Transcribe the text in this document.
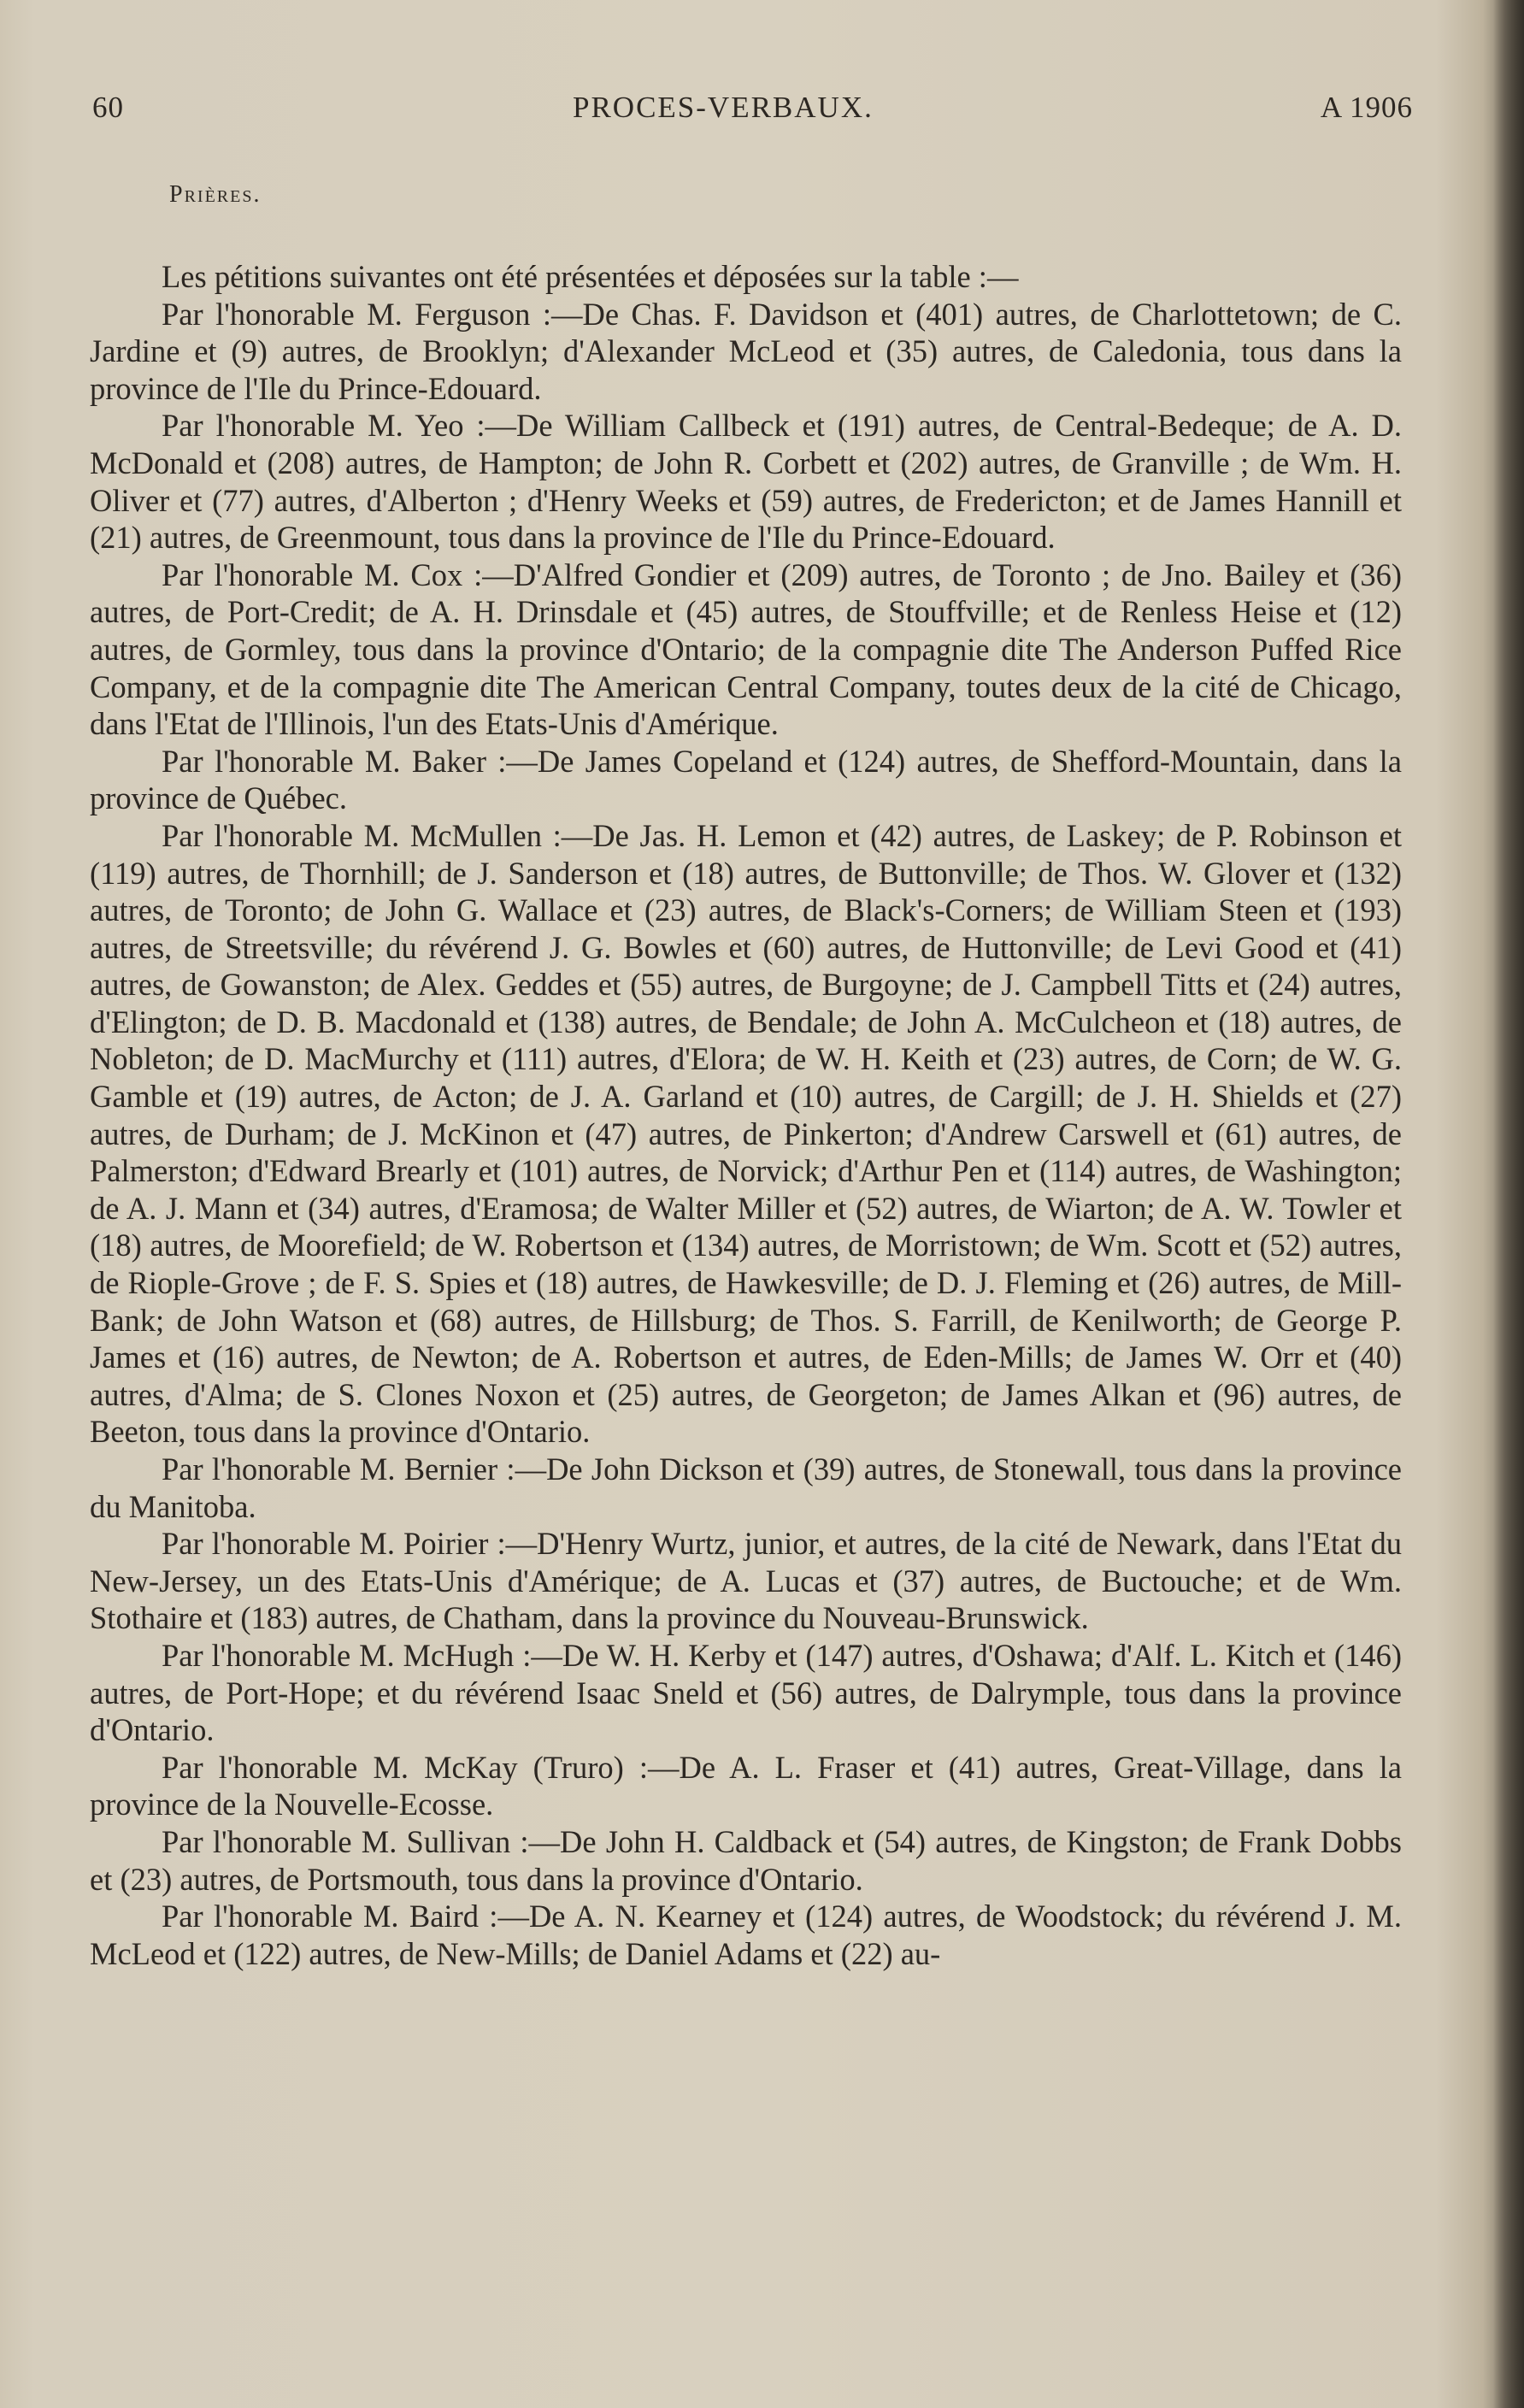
60	PROCES-VERBAUX.	A 1906
Prières.

Les pétitions suivantes ont été présentées et déposées sur la table :—

Par l'honorable M. Ferguson :—De Chas. F. Davidson et (401) autres, de Charlottetown; de C. Jardine et (9) autres, de Brooklyn; d'Alexander McLeod et (35) autres, de Caledonia, tous dans la province de l'Ile du Prince-Edouard.

Par l'honorable M. Yeo :—De William Callbeck et (191) autres, de Central-Bedeque; de A. D. McDonald et (208) autres, de Hampton; de John R. Corbett et (202) autres, de Granville ; de Wm. H. Oliver et (77) autres, d'Alberton ; d'Henry Weeks et (59) autres, de Fredericton; et de James Hannill et (21) autres, de Greenmount, tous dans la province de l'Ile du Prince-Edouard.

Par l'honorable M. Cox :—D'Alfred Gondier et (209) autres, de Toronto ; de Jno. Bailey et (36) autres, de Port-Credit; de A. H. Drinsdale et (45) autres, de Stouffville; et de Renless Heise et (12) autres, de Gormley, tous dans la province d'Ontario; de la compagnie dite The Anderson Puffed Rice Company, et de la compagnie dite The American Central Company, toutes deux de la cité de Chicago, dans l'Etat de l'Illinois, l'un des Etats-Unis d'Amérique.

Par l'honorable M. Baker :—De James Copeland et (124) autres, de Shefford-Mountain, dans la province de Québec.

Par l'honorable M. McMullen :—De Jas. H. Lemon et (42) autres, de Laskey; de P. Robinson et (119) autres, de Thornhill; de J. Sanderson et (18) autres, de Buttonville; de Thos. W. Glover et (132) autres, de Toronto; de John G. Wallace et (23) autres, de Black's-Corners; de William Steen et (193) autres, de Streetsville; du révérend J. G. Bowles et (60) autres, de Huttonville; de Levi Good et (41) autres, de Gowanston; de Alex. Geddes et (55) autres, de Burgoyne; de J. Campbell Titts et (24) autres, d'Elington; de D. B. Macdonald et (138) autres, de Bendale; de John A. McCulcheon et (18) autres, de Nobleton; de D. MacMurchy et (111) autres, d'Elora; de W. H. Keith et (23) autres, de Corn; de W. G. Gamble et (19) autres, de Acton; de J. A. Garland et (10) autres, de Cargill; de J. H. Shields et (27) autres, de Durham; de J. McKinon et (47) autres, de Pinkerton; d'Andrew Carswell et (61) autres, de Palmerston; d'Edward Brearly et (101) autres, de Norvick; d'Arthur Pen et (114) autres, de Washington; de A. J. Mann et (34) autres, d'Eramosa; de Walter Miller et (52) autres, de Wiarton; de A. W. Towler et (18) autres, de Moorefield; de W. Robertson et (134) autres, de Morristown; de Wm. Scott et (52) autres, de Riople-Grove ; de F. S. Spies et (18) autres, de Hawkesville; de D. J. Fleming et (26) autres, de Mill-Bank; de John Watson et (68) autres, de Hillsburg; de Thos. S. Farrill, de Kenilworth; de George P. James et (16) autres, de Newton; de A. Robertson et autres, de Eden-Mills; de James W. Orr et (40) autres, d'Alma; de S. Clones Noxon et (25) autres, de Georgeton; de James Alkan et (96) autres, de Beeton, tous dans la province d'Ontario.

Par l'honorable M. Bernier :—De John Dickson et (39) autres, de Stonewall, tous dans la province du Manitoba.

Par l'honorable M. Poirier :—D'Henry Wurtz, junior, et autres, de la cité de Newark, dans l'Etat du New-Jersey, un des Etats-Unis d'Amérique; de A. Lucas et (37) autres, de Buctouche; et de Wm. Stothaire et (183) autres, de Chatham, dans la province du Nouveau-Brunswick.

Par l'honorable M. McHugh :—De W. H. Kerby et (147) autres, d'Oshawa; d'Alf. L. Kitch et (146) autres, de Port-Hope; et du révérend Isaac Sneld et (56) autres, de Dalrymple, tous dans la province d'Ontario.

Par l'honorable M. McKay (Truro) :—De A. L. Fraser et (41) autres, Great-Village, dans la province de la Nouvelle-Ecosse.

Par l'honorable M. Sullivan :—De John H. Caldback et (54) autres, de Kingston; de Frank Dobbs et (23) autres, de Portsmouth, tous dans la province d'Ontario.

Par l'honorable M. Baird :—De A. N. Kearney et (124) autres, de Woodstock; du révérend J. M. McLeod et (122) autres, de New-Mills; de Daniel Adams et (22) au-
